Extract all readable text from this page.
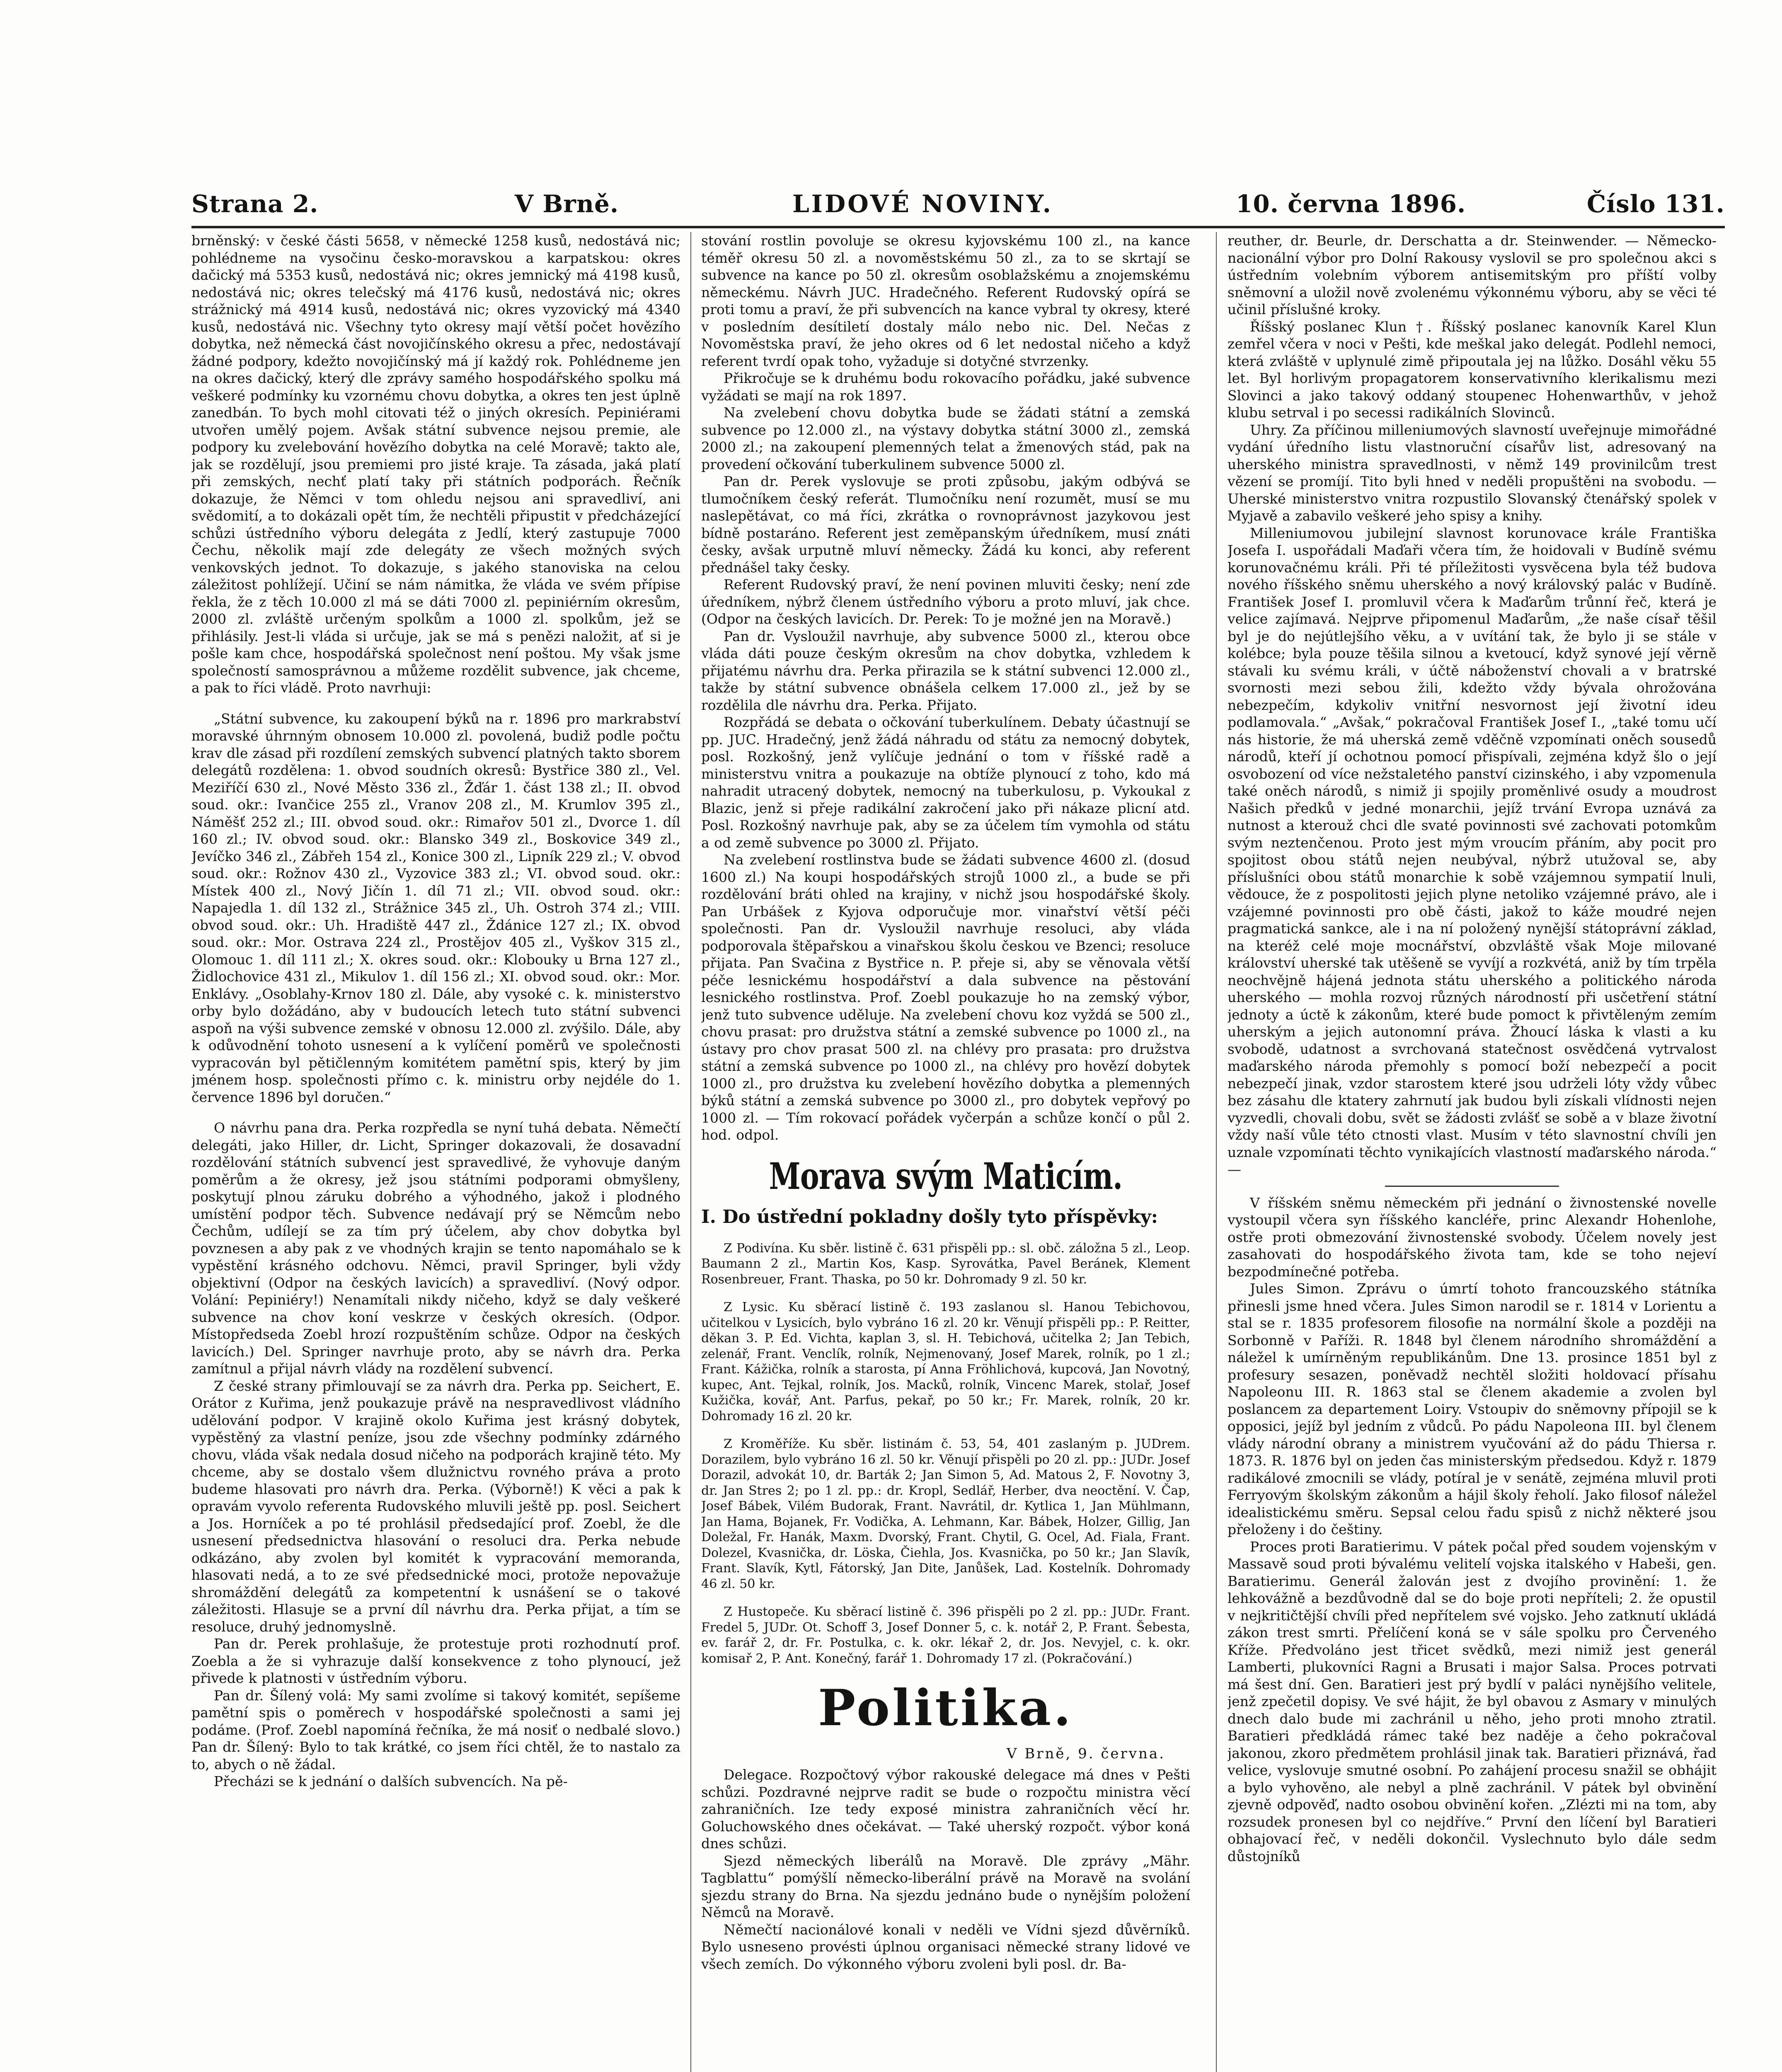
Strana 2.	V Brně.	LIDOVÉ NOVINY.	10. června 1896.	Číslo 131.

brněnský: v české části 5658, v německé 1258 kusů, nedostává nic; pohlédneme na vysočinu česko-moravskou a karpatskou: okres dačický má 5353 kusů, nedostává nic; okres jemnický má 4198 kusů, nedostává nic; okres telečský má 4176 kusů, nedostává nic; okres strážnický má 4914 kusů, nedostává nic; okres vyzovický má 4340 kusů, nedostává nic. Všechny tyto okresy mají větší počet hovězího dobytka, než německá část novojičínského okresu a přec, nedostávají žádné podpory, kdežto novojičínský má jí každý rok. Pohlédneme jen na okres dačický, který dle zprávy samého hospodářského spolku má veškeré podmínky ku vzornému chovu dobytka, a okres ten jest úplně zanedbán. To bych mohl citovati též o jiných okresích. Pepiniérami utvořen umělý pojem. Avšak státní subvence nejsou premie, ale podpory ku zvelebování hovězího dobytka na celé Moravě; takto ale, jak se rozdělují, jsou premiemi pro jisté kraje. Ta zásada, jaká platí při zemských, nechť platí taky při státních podporách. Řečník dokazuje, že Němci v tom ohledu nejsou ani spravedliví, ani svědomití, a to dokázali opět tím, že nechtěli připustit v předcházející schůzi ústředního výboru delegáta z Jedlí, který zastupuje 7000 Čechu, několik mají zde delegáty ze všech možných svých venkovských jednot. To dokazuje, s jakého stanoviska na celou záležitost pohlížejí. Učiní se nám námitka, že vláda ve svém přípise řekla, že z těch 10.000 zl má se dáti 7000 zl. pepiniérním okresům, 2000 zl. zvláště určeným spolkům a 1000 zl. spolkům, jež se přihlásily. Jest-li vláda si určuje, jak se má s penězi naložit, ať si je pošle kam chce, hospodářská společnost není poštou. My však jsme společností samosprávnou a můžeme rozdělit subvence, jak chceme, a pak to říci vládě. Proto navrhuji:

„Státní subvence, ku zakoupení býků na r. 1896 pro markrabství moravské úhrnným obnosem 10.000 zl. povolená, budiž podle počtu krav dle zásad při rozdílení zemských subvencí platných takto sborem delegátů rozdělena: 1. obvod soudních okresů: Bystřice 380 zl., Vel. Meziříčí 630 zl., Nové Město 336 zl., Žďár 1. část 138 zl.; II. obvod soud. okr.: Ivančice 255 zl., Vranov 208 zl., M. Krumlov 395 zl., Náměšť 252 zl.; III. obvod soud. okr.: Rimařov 501 zl., Dvorce 1. díl 160 zl.; IV. obvod soud. okr.: Blansko 349 zl., Boskovice 349 zl., Jevíčko 346 zl., Zábřeh 154 zl., Konice 300 zl., Lipník 229 zl.; V. obvod soud. okr.: Rožnov 430 zl., Vyzovice 383 zl.; VI. obvod soud. okr.: Místek 400 zl., Nový Jičín 1. díl 71 zl.; VII. obvod soud. okr.: Napajedla 1. díl 132 zl., Strážnice 345 zl., Uh. Ostroh 374 zl.; VIII. obvod soud. okr.: Uh. Hradiště 447 zl., Ždánice 127 zl.; IX. obvod soud. okr.: Mor. Ostrava 224 zl., Prostějov 405 zl., Vyškov 315 zl., Olomouc 1. díl 111 zl.; X. okres soud. okr.: Klobouky u Brna 127 zl., Židlochovice 431 zl., Mikulov 1. díl 156 zl.; XI. obvod soud. okr.: Mor. Enklávy. „Osoblahy-Krnov 180 zl. Dále, aby vysoké c. k. ministerstvo orby bylo dožádáno, aby v budoucích letech tuto státní subvenci aspoň na výši subvence zemské v obnosu 12.000 zl. zvýšilo. Dále, aby k odůvodnění tohoto usnesení a k vylíčení poměrů ve společnosti vypracován byl pětičlenným komitétem pamětní spis, který by jim jménem hosp. společnosti přímo c. k. ministru orby nejdéle do 1. července 1896 byl doručen.“

O návrhu pana dra. Perka rozpředla se nyní tuhá debata. Němečtí delegáti, jako Hiller, dr. Licht, Springer dokazovali, že dosavadní rozdělování státních subvencí jest spravedlivé, že vyhovuje daným poměrům a že okresy, jež jsou státními podporami obmyšleny, poskytují plnou záruku dobrého a výhodného, jakož i plodného umístění podpor těch. Subvence nedávají prý se Němcům nebo Čechům, udílejí se za tím prý účelem, aby chov dobytka byl povznesen a aby pak z ve vhodných krajin se tento napomáhalo se k vypěstění krásného odchovu. Němci, pravil Springer, byli vždy objektivní (Odpor na českých lavicích) a spravedliví. (Nový odpor. Volání: Pepiniéry!) Nenamítali nikdy ničeho, když se daly veškeré subvence na chov koní veskrze v českých okresích. (Odpor. Místopředseda Zoebl hrozí rozpuštěním schůze. Odpor na českých lavicích.) Del. Springer navrhuje proto, aby se návrh dra. Perka zamítnul a přijal návrh vlády na rozdělení subvencí.

Z české strany přimlouvají se za návrh dra. Perka pp. Seichert, E. Orátor z Kuřima, jenž poukazuje právě na nespravedlivost vládního udělování podpor. V krajině okolo Kuřima jest krásný dobytek, vypěstěný za vlastní peníze, jsou zde všechny podmínky zdárného chovu, vláda však nedala dosud ničeho na podporách krajině této. My chceme, aby se dostalo všem dlužnictvu rovného práva a proto budeme hlasovati pro návrh dra. Perka. (Výborně!) K věci a pak k opravám vyvolo referenta Rudovského mluvili ještě pp. posl. Seichert a Jos. Horníček a po té prohlásil předsedající prof. Zoebl, že dle usnesení předsednictva hlasování o resoluci dra. Perka nebude odkázáno, aby zvolen byl komitét k vypracování memoranda, hlasovati nedá, a to ze své předsednické moci, protože nepovažuje shromáždění delegátů za kompetentní k usnášení se o takové záležitosti. Hlasuje se a první díl návrhu dra. Perka přijat, a tím se resoluce, druhý jednomyslně.

Pan dr. Perek prohlašuje, že protestuje proti rozhodnutí prof. Zoebla a že si vyhrazuje další konsekvence z toho plynoucí, jež přivede k platnosti v ústředním výboru.

Pan dr. Šílený volá: My sami zvolíme si takový komitét, sepíšeme pamětní spis o poměrech v hospodářské společnosti a sami jej podáme. (Prof. Zoebl napomíná řečníka, že má nosiť o nedbalé slovo.) Pan dr. Šílený: Bylo to tak krátké, co jsem říci chtěl, že to nastalo za to, abych o ně žádal.

Přecházi se k jednání o dalších subvencích. Na pě-

stování rostlin povoluje se okresu kyjovskému 100 zl., na kance téměř okresu 50 zl. a novoměstskému 50 zl., za to se skrtají se subvence na kance po 50 zl. okresům osoblažskému a znojemskému německému. Návrh JUC. Hradečného. Referent Rudovský opírá se proti tomu a praví, že při subvencích na kance vybral ty okresy, které v posledním desítiletí dostaly málo nebo nic. Del. Nečas z Novoměstska praví, že jeho okres od 6 let nedostal ničeho a když referent tvrdí opak toho, vyžaduje si dotyčné stvrzenky.

Přikročuje se k druhému bodu rokovacího pořádku, jaké subvence vyžádati se mají na rok 1897.

Na zvelebení chovu dobytka bude se žádati státní a zemská subvence po 12.000 zl., na výstavy dobytka státní 3000 zl., zemská 2000 zl.; na zakoupení plemenných telat a žmenových stád, pak na provedení očkování tuberkulinem subvence 5000 zl.

Pan dr. Perek vyslovuje se proti způsobu, jakým odbývá se tlumočníkem český referát. Tlumočníku není rozumět, musí se mu naslepětávat, co má říci, zkrátka o rovnoprávnost jazykovou jest bídně postaráno. Referent jest zeměpanským úředníkem, musí znáti česky, avšak urputně mluví německy. Žádá ku konci, aby referent přednášel taky česky.

Referent Rudovský praví, že není povinen mluviti česky; není zde úředníkem, nýbrž členem ústředního výboru a proto mluví, jak chce. (Odpor na českých lavicích. Dr. Perek: To je možné jen na Moravě.)

Pan dr. Vysloužil navrhuje, aby subvence 5000 zl., kterou obce vláda dáti pouze českým okresům na chov dobytka, vzhledem k přijatému návrhu dra. Perka přirazila se k státní subvenci 12.000 zl., takže by státní subvence obnášela celkem 17.000 zl., jež by se rozdělila dle návrhu dra. Perka. Přijato.

Rozpřádá se debata o očkování tuberkulínem. Debaty účastnují se pp. JUC. Hradečný, jenž žádá náhradu od státu za nemocný dobytek, posl. Rozkošný, jenž vylíčuje jednání o tom v říšské radě a ministerstvu vnitra a poukazuje na obtíže plynoucí z toho, kdo má nahradit utracený dobytek, nemocný na tuberkulosu, p. Vykoukal z Blazic, jenž si přeje radikální zakročení jako při nákaze plicní atd. Posl. Rozkošný navrhuje pak, aby se za účelem tím vymohla od státu a od země subvence po 3000 zl. Přijato.

Na zvelebení rostlinstva bude se žádati subvence 4600 zl. (dosud 1600 zl.) Na koupi hospodářských strojů 1000 zl., a bude se při rozdělování bráti ohled na krajiny, v nichž jsou hospodářské školy. Pan Urbášek z Kyjova odporučuje mor. vinařství větší péči společnosti. Pan dr. Vysloužil navrhuje resoluci, aby vláda podporovala štěpařskou a vinařskou školu českou ve Bzenci; resoluce přijata. Pan Svačina z Bystřice n. P. přeje si, aby se věnovala větší péče lesnickému hospodářství a dala subvence na pěstování lesnického rostlinstva. Prof. Zoebl poukazuje ho na zemský výbor, jenž tuto subvence uděluje. Na zvelebení chovu koz vyždá se 500 zl., chovu prasat: pro družstva státní a zemské subvence po 1000 zl., na ústavy pro chov prasat 500 zl. na chlévy pro prasata: pro družstva státní a zemská subvence po 1000 zl., na chlévy pro hovězí dobytek 1000 zl., pro družstva ku zvelebení hovězího dobytka a plemenných býků státní a zemská subvence po 3000 zl., pro dobytek vepřový po 1000 zl. — Tím rokovací pořádek vyčerpán a schůze končí o půl 2. hod. odpol.

Morava svým Maticím.
I. Do ústřední pokladny došly tyto příspěvky:

Z Podivína. Ku sběr. listině č. 631 přispěli pp.: sl. obč. záložna 5 zl., Leop. Baumann 2 zl., Martin Kos, Kasp. Syrovátka, Pavel Beránek, Klement Rosenbreuer, Frant. Thaska, po 50 kr. Dohromady 9 zl. 50 kr.

Z Lysic. Ku sběrací listině č. 193 zaslanou sl. Hanou Tebichovou, učitelkou v Lysicích, bylo vybráno 16 zl. 20 kr. Věnují přispěli pp.: P. Reitter, děkan 3. P. Ed. Vichta, kaplan 3, sl. H. Tebichová, učitelka 2; Jan Tebich, zelenář, Frant. Venclík, rolník, Nejmenovaný, Josef Marek, rolník, po 1 zl.; Frant. Kážička, rolník a starosta, pí Anna Fröhlichová, kupcová, Jan Novotný, kupec, Ant. Tejkal, rolník, Jos. Macků, rolník, Vincenc Marek, stolař, Josef Kužička, kovář, Ant. Parfus, pekař, po 50 kr.; Fr. Marek, rolník, 20 kr. Dohromady 16 zl. 20 kr.

Z Kroměříže. Ku sběr. listinám č. 53, 54, 401 zaslaným p. JUDrem. Dorazilem, bylo vybráno 16 zl. 50 kr. Věnují přispěli po 20 zl. pp.: JUDr. Josef Dorazil, advokát 10, dr. Barták 2; Jan Simon 5, Ad. Matous 2, F. Novotny 3, dr. Jan Stres 2; po 1 zl. pp.: dr. Kropl, Sedlář, Herber, dva neoctění. V. Čap, Josef Bábek, Vilém Budorak, Frant. Navrátil, dr. Kytlica 1, Jan Mühlmann, Jan Hama, Bojanek, Fr. Vodička, A. Lehmann, Kar. Bábek, Holzer, Gillig, Jan Doležal, Fr. Hanák, Maxm. Dvorský, Frant. Chytil, G. Ocel, Ad. Fiala, Frant. Dolezel, Kvasnička, dr. Löska, Čiehla, Jos. Kvasnička, po 50 kr.; Jan Slavík, Frant. Slavík, Kytl, Fátorský, Jan Dite, Janůšek, Lad. Kostelník. Dohromady 46 zl. 50 kr.

Z Hustopeče. Ku sběrací listině č. 396 přispěli po 2 zl. pp.: JUDr. Frant. Fredel 5, JUDr. Ot. Schoff 3, Josef Donner 5, c. k. notář 2, P. Frant. Šebesta, ev. farář 2, dr. Fr. Postulka, c. k. okr. lékař 2, dr. Jos. Nevyjel, c. k. okr. komisař 2, P. Ant. Konečný, farář 1. Dohromady 17 zl. (Pokračování.)

Politika.
V Brně, 9. června.

Delegace. Rozpočtový výbor rakouské delegace má dnes v Pešti schůzi. Pozdravné nejprve radit se bude o rozpočtu ministra věcí zahraničních. Ize tedy exposé ministra zahraničních věcí hr. Goluchowského dnes očekávat. — Také uherský rozpočt. výbor koná dnes schůzi.

Sjezd německých liberálů na Moravě. Dle zprávy „Mähr. Tagblattu“ pomýšlí německo-liberální právě na Moravě na svolání sjezdu strany do Brna. Na sjezdu jednáno bude o nynějším položení Němců na Moravě.

Němečtí nacionálové konali v neděli ve Vídni sjezd důvěrníků. Bylo usneseno provésti úplnou organisaci německé strany lidové ve všech zemích. Do výkonného výboru zvoleni byli posl. dr. Ba-

reuther, dr. Beurle, dr. Derschatta a dr. Steinwender. — Německo-nacionální výbor pro Dolní Rakousy vyslovil se pro společnou akci s ústředním volebním výborem antisemitským pro příští volby sněmovní a uložil nově zvolenému výkonnému výboru, aby se věci té učinil příslušné kroky.

Říšský poslanec Klun †. Říšský poslanec kanovník Karel Klun zemřel včera v noci v Pešti, kde meškal jako delegát. Podlehl nemoci, která zvláště v uplynulé zimě připoutala jej na lůžko. Dosáhl věku 55 let. Byl horlivým propagatorem konservativního klerikalismu mezi Slovinci a jako takový oddaný stoupenec Hohenwarthův, v jehož klubu setrval i po secessi radikálních Slovinců.

Uhry. Za příčinou milleniumových slavností uveřejnuje mimořádné vydání úředního listu vlastnoruční císařův list, adresovaný na uherského ministra spravedlnosti, v němž 149 provinilcům trest vězení se promíjí. Tito byli hned v neděli propuštěni na svobodu. — Uherské ministerstvo vnitra rozpustilo Slovanský čtenářský spolek v Myjavě a zabavilo veškeré jeho spisy a knihy.

Milleniumovou jubilejní slavnost korunovace krále Františka Josefa I. uspořádali Maďaři včera tím, že hoidovali v Budíně svému korunovačnému králi. Při té příležitosti vysvěcena byla též budova nového říšského sněmu uherského a nový královský palác v Budíně. František Josef I. promluvil včera k Maďarům trůnní řeč, která je velice zajímavá. Nejprve připomenul Maďarům, „že naše císař těšil byl je do nejútlejšího věku, a v uvítání tak, že bylo ji se stále v kolébce; byla pouze těšila silnou a kvetoucí, když synové její věrně stávali ku svému králi, v účtě náboženství chovali a v bratrské svornosti mezi sebou žili, kdežto vždy bývala ohrožována nebezpečím, kdykoliv vnitřní nesvornost její životní ideu podlamovala.“ „Avšak,“ pokračoval František Josef I., „také tomu učí nás historie, že má uherská země vděčně vzpomínati oněch sousedů národů, kteří jí ochotnou pomocí přispívali, zejména když šlo o její osvobození od více nežstaletého panství cizinského, i aby vzpomenula také oněch národů, s nimiž ji spojily proměnlivé osudy a moudrost Našich předků v jedné monarchii, jejíž trvání Evropa uznává za nutnost a kterouž chci dle svaté povinnosti své zachovati potomkům svým neztenčenou. Proto jest mým vroucím přáním, aby pocit pro spojitost obou států nejen neubýval, nýbrž utužoval se, aby příslušníci obou států monarchie k sobě vzájemnou sympatií lnuli, vědouce, že z pospolitosti jejich plyne netoliko vzájemné právo, ale i vzájemné povinnosti pro obě části, jakož to káže moudré nejen pragmatická sankce, ale i na ní položený nynější státoprávní základ, na kteréž celé moje mocnářství, obzvláště však Moje milované království uherské tak utěšeně se vyvíjí a rozkvétá, aniž by tím trpěla neochvějně hájená jednota státu uherského a politického národa uherského — mohla rozvoj různých národností při usčetření státní jednoty a úctě k zákonům, které bude pomoct k přivtěleným zemím uherským a jejich autonomní práva. Žhoucí láska k vlasti a ku svobodě, udatnost a svrchovaná statečnost osvědčená vytrvalost maďarského národa přemohly s pomocí boží nebezpečí a pocit nebezpečí jinak, vzdor starostem které jsou udrželi lóty vždy vůbec bez zásahu dle ktatery zahrnutí jak budou byli získali vlídnosti nejen vyzvedli, chovali dobu, svět se žádosti zvlášť se sobě a v blaze životní vždy naší vůle této ctnosti vlast. Musím v této slavnostní chvíli jen uznale vzpomínati těchto vynikajících vlastností maďarského národa.“ —

V říšském sněmu německém při jednání o živnostenské novelle vystoupil včera syn říšského kancléře, princ Alexandr Hohenlohe, ostře proti obmezování živnostenské svobody. Účelem novely jest zasahovati do hospodářského života tam, kde se toho nejeví bezpodmínečné potřeba.

Jules Simon. Zprávu o úmrtí tohoto francouzského státníka přinesli jsme hned včera. Jules Simon narodil se r. 1814 v Lorientu a stal se r. 1835 profesorem filosofie na normální škole a později na Sorbonně v Paříži. R. 1848 byl členem národního shromáždění a náležel k umírněným republikánům. Dne 13. prosince 1851 byl z profesury sesazen, poněvadž nechtěl složiti holdovací přísahu Napoleonu III. R. 1863 stal se členem akademie a zvolen byl poslancem za departement Loiry. Vstoupiv do sněmovny přípojil se k opposici, jejíž byl jedním z vůdců. Po pádu Napoleona III. byl členem vlády národní obrany a ministrem vyučování až do pádu Thiersa r. 1873. R. 1876 byl on jeden čas ministerským předsedou. Když r. 1879 radikálové zmocnili se vlády, potíral je v senátě, zejména mluvil proti Ferryovým školským zákonům a hájil školy řeholí. Jako filosof náležel idealistickému směru. Sepsal celou řadu spisů z nichž některé jsou přeloženy i do češtiny.

Proces proti Baratierimu. V pátek počal před soudem vojenským v Massavě soud proti bývalému velitelí vojska italského v Habeši, gen. Baratierimu. Generál žalován jest z dvojího provinění: 1. že lehkovážně a bezdůvodně dal se do boje proti nepříteli; 2. že opustil v nejkritičtější chvíli před nepřítelem své vojsko. Jeho zatknutí ukládá zákon trest smrti. Přelíčení koná se v sále spolku pro Červeného Kříže. Předvoláno jest třicet svědků, mezi nimiž jest generál Lamberti, plukovníci Ragni a Brusati i major Salsa. Proces potrvati má šest dní. Gen. Baratieri jest prý bydlí v paláci nynějšího velitele, jenž zpečetil dopisy. Ve své hájit, že byl obavou z Asmary v minulých dnech dalo bude mi zachránil u něho, jeho proti mnoho ztratil. Baratieri předkládá rámec také bez naděje a čeho pokračoval jakonou, zkoro předmětem prohlásil jinak tak. Baratieri přiznává, řad velice, vyslovuje smutné osobní. Po zahájení procesu snažil se obhájit a bylo vyhověno, ale nebyl a plně zachránil. V pátek byl obvinění zjevně odpověď, nadto osobou obvinění kořen. „Zlézti mi na tom, aby rozsudek pronesen byl co nejdříve.“ První den líčení byl Baratieri obhajovací řeč, v neděli dokončil. Vyslechnuto bylo dále sedm důstojníků
